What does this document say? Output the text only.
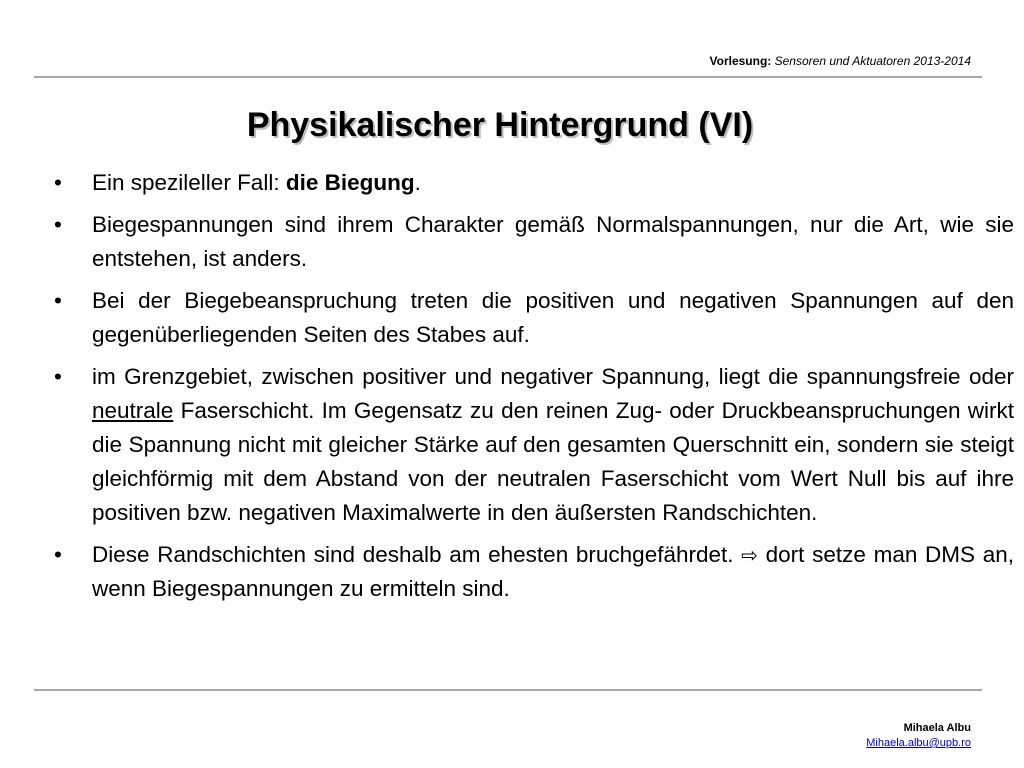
Vorlesung: Sensoren und Aktuatoren 2013-2014
Physikalischer Hintergrund (VI)
• Ein spezileller Fall: die Biegung.
• Biegespannungen sind ihrem Charakter gemäß Normalspannungen, nur die Art, wie sie entstehen, ist anders.
• Bei der Biegebeanspruchung treten die positiven und negativen Spannungen auf den gegenüberliegenden Seiten des Stabes auf.
• im Grenzgebiet, zwischen positiver und negativer Spannung, liegt die spannungsfreie oder neutrale Faserschicht. Im Gegensatz zu den reinen Zug- oder Druckbeanspruchungen wirkt die Spannung nicht mit gleicher Stärke auf den gesamten Querschnitt ein, sondern sie steigt gleichförmig mit dem Abstand von der neutralen Faserschicht vom Wert Null bis auf ihre positiven bzw. negativen Maximalwerte in den äußersten Randschichten.
• Diese Randschichten sind deshalb am ehesten bruchgefährdet. ⇨ dort setze man DMS an, wenn Biegespannungen zu ermitteln sind.
Mihaela Albu
Mihaela.albu@upb.ro
